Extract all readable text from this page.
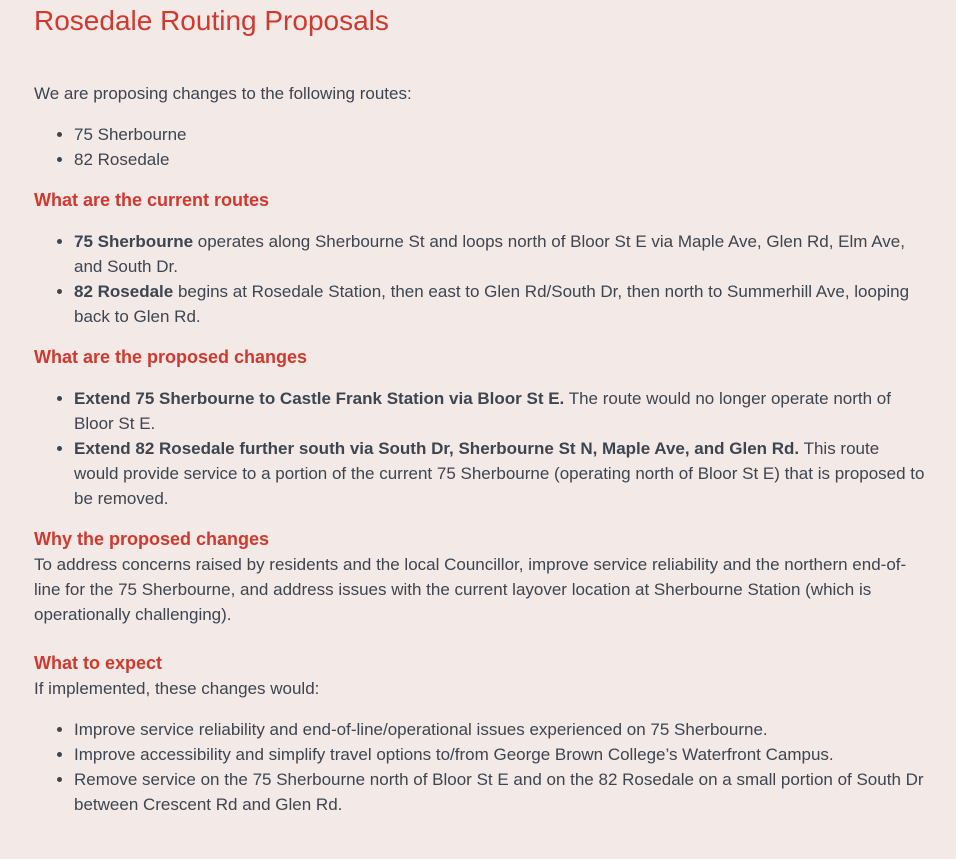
Rosedale Routing Proposals

We are proposing changes to the following routes:

• 75 Sherbourne
• 82 Rosedale
What are the current routes
• 75 Sherbourne operates along Sherbourne St and loops north of Bloor St E via Maple Ave, Glen Rd, Elm Ave, and South Dr.
• 82 Rosedale begins at Rosedale Station, then east to Glen Rd/South Dr, then north to Summerhill Ave, looping back to Glen Rd.
What are the proposed changes
• Extend 75 Sherbourne to Castle Frank Station via Bloor St E. The route would no longer operate north of Bloor St E.
• Extend 82 Rosedale further south via South Dr, Sherbourne St N, Maple Ave, and Glen Rd. This route would provide service to a portion of the current 75 Sherbourne (operating north of Bloor St E) that is proposed to be removed.
Why the proposed changes

To address concerns raised by residents and the local Councillor, improve service reliability and the northern end-of-line for the 75 Sherbourne, and address issues with the current layover location at Sherbourne Station (which is operationally challenging).

What to expect

If implemented, these changes would:

• Improve service reliability and end-of-line/operational issues experienced on 75 Sherbourne.
• Improve accessibility and simplify travel options to/from George Brown College’s Waterfront Campus.
• Remove service on the 75 Sherbourne north of Bloor St E and on the 82 Rosedale on a small portion of South Dr between Crescent Rd and Glen Rd.
